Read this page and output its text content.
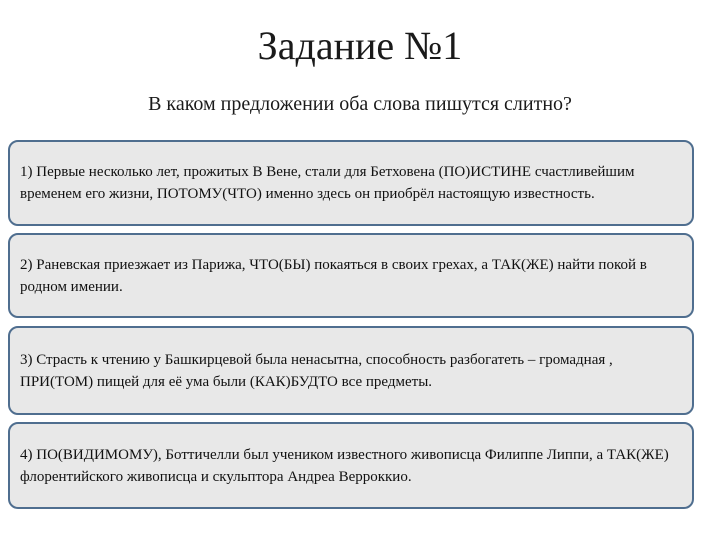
Задание №1
В каком предложении оба слова пишутся слитно?
1) Первые несколько лет, прожитых В Вене, стали для Бетховена (ПО)ИСТИНЕ счастливейшим временем его жизни, ПОТОМУ(ЧТО) именно здесь он приобрёл настоящую известность.
2) Раневская приезжает из Парижа, ЧТО(БЫ) покаяться в своих грехах, а ТАК(ЖЕ) найти покой в родном имении.
3) Страсть к чтению у Башкирцевой была ненасытна, способность разбогатеть – громадная , ПРИ(ТОМ) пищей для её ума были (КАК)БУДТО все предметы.
4) ПО(ВИДИМОМУ), Боттичелли был учеником известного живописца Филиппе Липпи, а ТАК(ЖЕ) флорентийского живописца и скульптора Андреа Верроккио.
